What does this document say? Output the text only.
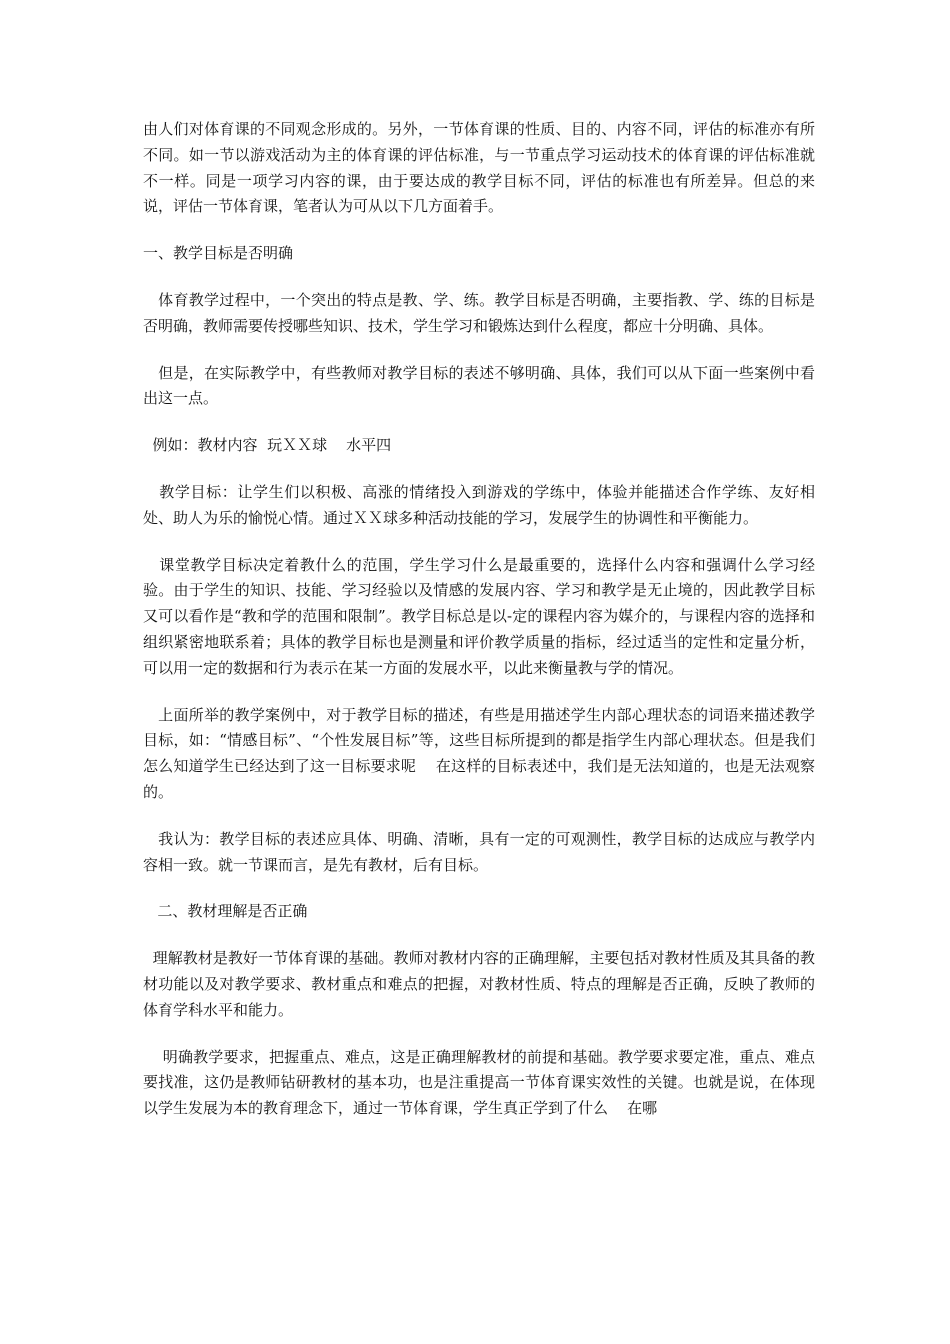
由人们对体育课的不同观念形成的。另外，一节体育课的性质、目的、内容不同，评估的标准亦有所不同。如一节以游戏活动为主的体育课的评估标准，与一节重点学习运动技术的体育课的评估标准就不一样。同是一项学习内容的课，由于要达成的教学目标不同，评估的标准也有所差异。但总的来说，评估一节体育课，笔者认为可从以下几方面着手。

一、教学目标是否明确

体育教学过程中，一个突出的特点是教、学、练。教学目标是否明确，主要指教、学、练的目标是否明确，教师需要传授哪些知识、技术，学生学习和锻炼达到什么程度，都应十分明确、具体。

但是，在实际教学中，有些教师对教学目标的表述不够明确、具体，我们可以从下面一些案例中看出这一点。

例如：教材内容  玩ＸＸ球    水平四

教学目标：让学生们以积极、高涨的情绪投入到游戏的学练中，体验并能描述合作学练、友好相处、助人为乐的愉悦心情。通过ＸＸ球多种活动技能的学习，发展学生的协调性和平衡能力。

课堂教学目标决定着教什么的范围，学生学习什么是最重要的，选择什么内容和强调什么学习经验。由于学生的知识、技能、学习经验以及情感的发展内容、学习和教学是无止境的，因此教学目标又可以看作是“教和学的范围和限制”。教学目标总是以-定的课程内容为媒介的，与课程内容的选择和组织紧密地联系着；具体的教学目标也是测量和评价教学质量的指标，经过适当的定性和定量分析，可以用一定的数据和行为表示在某一方面的发展水平，以此来衡量教与学的情况。

上面所举的教学案例中，对于教学目标的描述，有些是用描述学生内部心理状态的词语来描述教学目标，如：“情感目标”、“个性发展目标”等，这些目标所提到的都是指学生内部心理状态。但是我们怎么知道学生已经达到了这一目标要求呢    在这样的目标表述中，我们是无法知道的，也是无法观察的。

我认为：教学目标的表述应具体、明确、清晰，具有一定的可观测性，教学目标的达成应与教学内容相一致。就一节课而言，是先有教材，后有目标。

二、教材理解是否正确

理解教材是教好一节体育课的基础。教师对教材内容的正确理解，主要包括对教材性质及其具备的教材功能以及对教学要求、教材重点和难点的把握，对教材性质、特点的理解是否正确，反映了教师的体育学科水平和能力。

明确教学要求，把握重点、难点，这是正确理解教材的前提和基础。教学要求要定准，重点、难点要找准，这仍是教师钻研教材的基本功，也是注重提高一节体育课实效性的关键。也就是说，在体现以学生发展为本的教育理念下，通过一节体育课，学生真正学到了什么    在哪
